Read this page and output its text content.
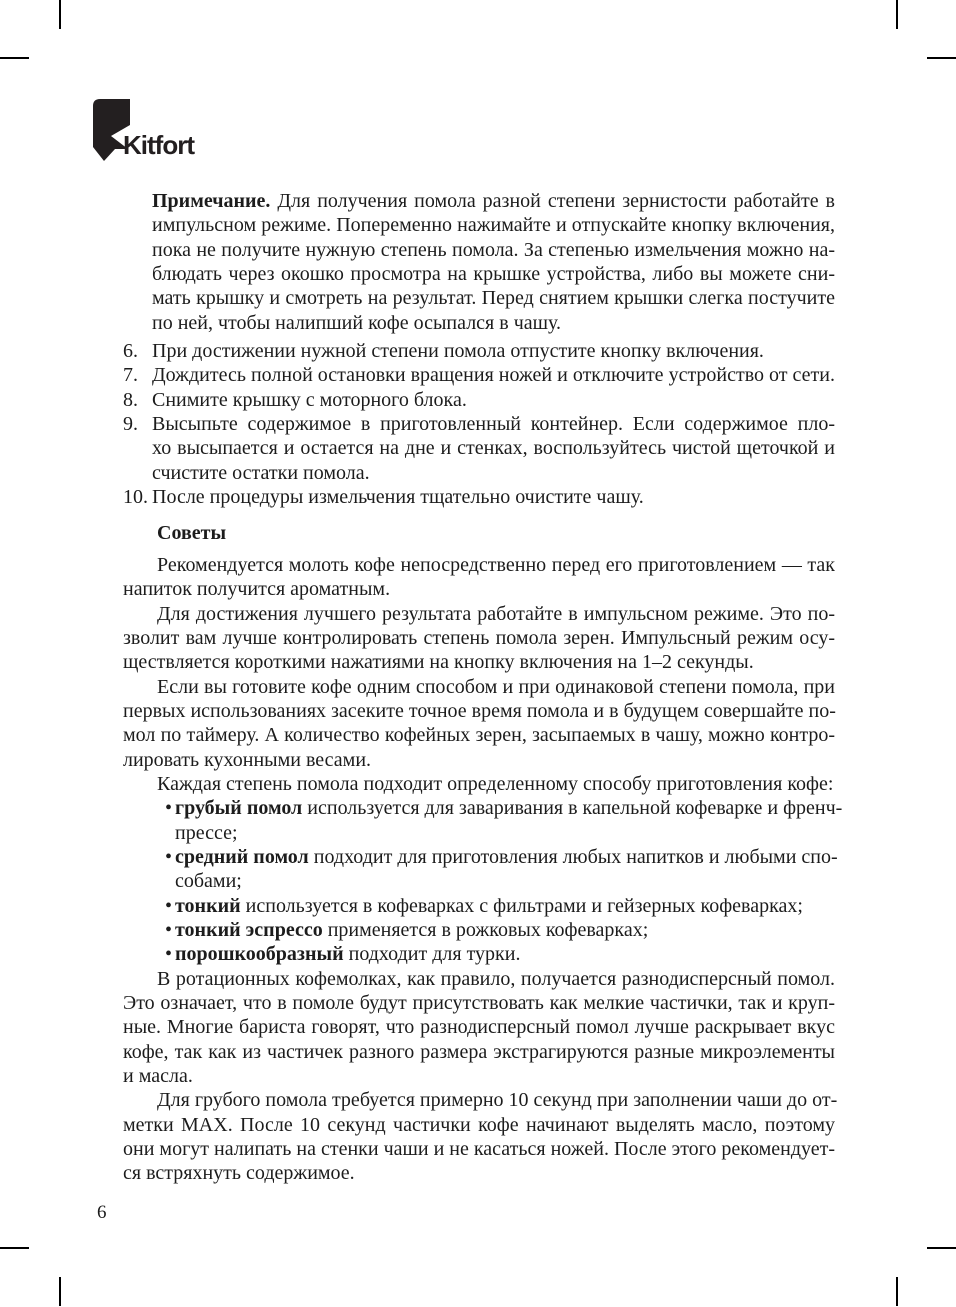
Kitfort
Примечание. Для получения помола разной степени зернистости работайте в
импульсном режиме. Попеременно нажимайте и отпускайте кнопку включения,
пока не получите нужную степень помола. За степенью измельчения можно на-
блюдать через окошко просмотра на крышке устройства, либо вы можете сни-
мать крышку и смотреть на результат. Перед снятием крышки слегка постучите
по ней, чтобы налипший кофе осыпался в чашу.
6. При достижении нужной степени помола отпустите кнопку включения.
7. Дождитесь полной остановки вращения ножей и отключите устройство от сети.
8. Снимите крышку с моторного блока.
9. Высыпьте содержимое в приготовленный контейнер. Если содержимое пло-
хо высыпается и остается на дне и стенках, воспользуйтесь чистой щеточкой и
счистите остатки помола.
10. После процедуры измельчения тщательно очистите чашу.
Советы
Рекомендуется молоть кофе непосредственно перед его приготовлением — так
напиток получится ароматным.
Для достижения лучшего результата работайте в импульсном режиме. Это по-
зволит вам лучше контролировать степень помола зерен. Импульсный режим осу-
ществляется короткими нажатиями на кнопку включения на 1–2 секунды.
Если вы готовите кофе одним способом и при одинаковой степени помола, при
первых использованиях засеките точное время помола и в будущем совершайте по-
мол по таймеру. А количество кофейных зерен, засыпаемых в чашу, можно контро-
лировать кухонными весами.
Каждая степень помола подходит определенному способу приготовления кофе:
• грубый помол используется для заваривания в капельной кофеварке и френч-
прессе;
• средний помол подходит для приготовления любых напитков и любыми спо-
собами;
• тонкий используется в кофеварках с фильтрами и гейзерных кофеварках;
• тонкий эспрессо применяется в рожковых кофеварках;
• порошкообразный подходит для турки.
В ротационных кофемолках, как правило, получается разнодисперсный помол.
Это означает, что в помоле будут присутствовать как мелкие частички, так и круп-
ные. Многие бариста говорят, что разнодисперсный помол лучше раскрывает вкус
кофе, так как из частичек разного размера экстрагируются разные микроэлементы
и масла.
Для грубого помола требуется примерно 10 секунд при заполнении чаши до от-
метки MAX. После 10 секунд частички кофе начинают выделять масло, поэтому
они могут налипать на стенки чаши и не касаться ножей. После этого рекомендует-
ся встряхнуть содержимое.
6
